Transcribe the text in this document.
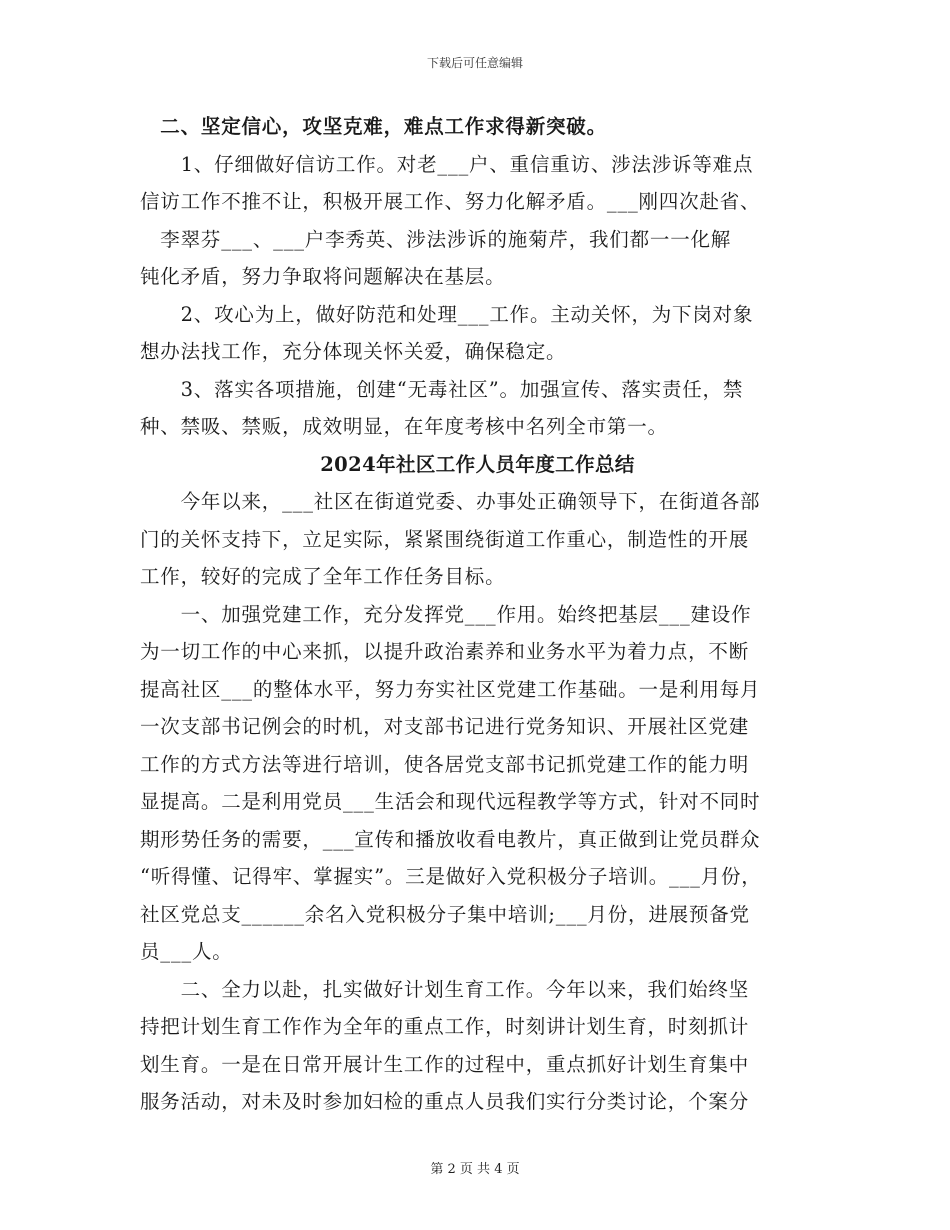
下载后可任意编辑
　二、坚定信心，攻坚克难，难点工作求得新突破。
　　1、仔细做好信访工作。对老___户、重信重访、涉法涉诉等难点
信访工作不推不让，积极开展工作、努力化解矛盾。___刚四次赴省、
　李翠芬___、___户李秀英、涉法涉诉的施菊芹，我们都一一化解
钝化矛盾，努力争取将问题解决在基层。
　　2、攻心为上，做好防范和处理___工作。主动关怀，为下岗对象
想办法找工作，充分体现关怀关爱，确保稳定。
　　3、落实各项措施，创建“无毒社区”。加强宣传、落实责任，禁
种、禁吸、禁贩，成效明显，在年度考核中名列全市第一。
2024年社区工作人员年度工作总结
　　今年以来，___社区在街道党委、办事处正确领导下，在街道各部
门的关怀支持下，立足实际，紧紧围绕街道工作重心，制造性的开展
工作，较好的完成了全年工作任务目标。
　　一、加强党建工作，充分发挥党___作用。始终把基层___建设作
为一切工作的中心来抓，以提升政治素养和业务水平为着力点，不断
提高社区___的整体水平，努力夯实社区党建工作基础。一是利用每月
一次支部书记例会的时机，对支部书记进行党务知识、开展社区党建
工作的方式方法等进行培训，使各居党支部书记抓党建工作的能力明
显提高。二是利用党员___生活会和现代远程教学等方式，针对不同时
期形势任务的需要，___宣传和播放收看电教片，真正做到让党员群众
“听得懂、记得牢、掌握实”。三是做好入党积极分子培训。___月份，
社区党总支______余名入党积极分子集中培训;___月份，进展预备党
员___人。
　　二、全力以赴，扎实做好计划生育工作。今年以来，我们始终坚
持把计划生育工作作为全年的重点工作，时刻讲计划生育，时刻抓计
划生育。一是在日常开展计生工作的过程中，重点抓好计划生育集中
服务活动，对未及时参加妇检的重点人员我们实行分类讨论，个案分
第 2 页 共 4 页
